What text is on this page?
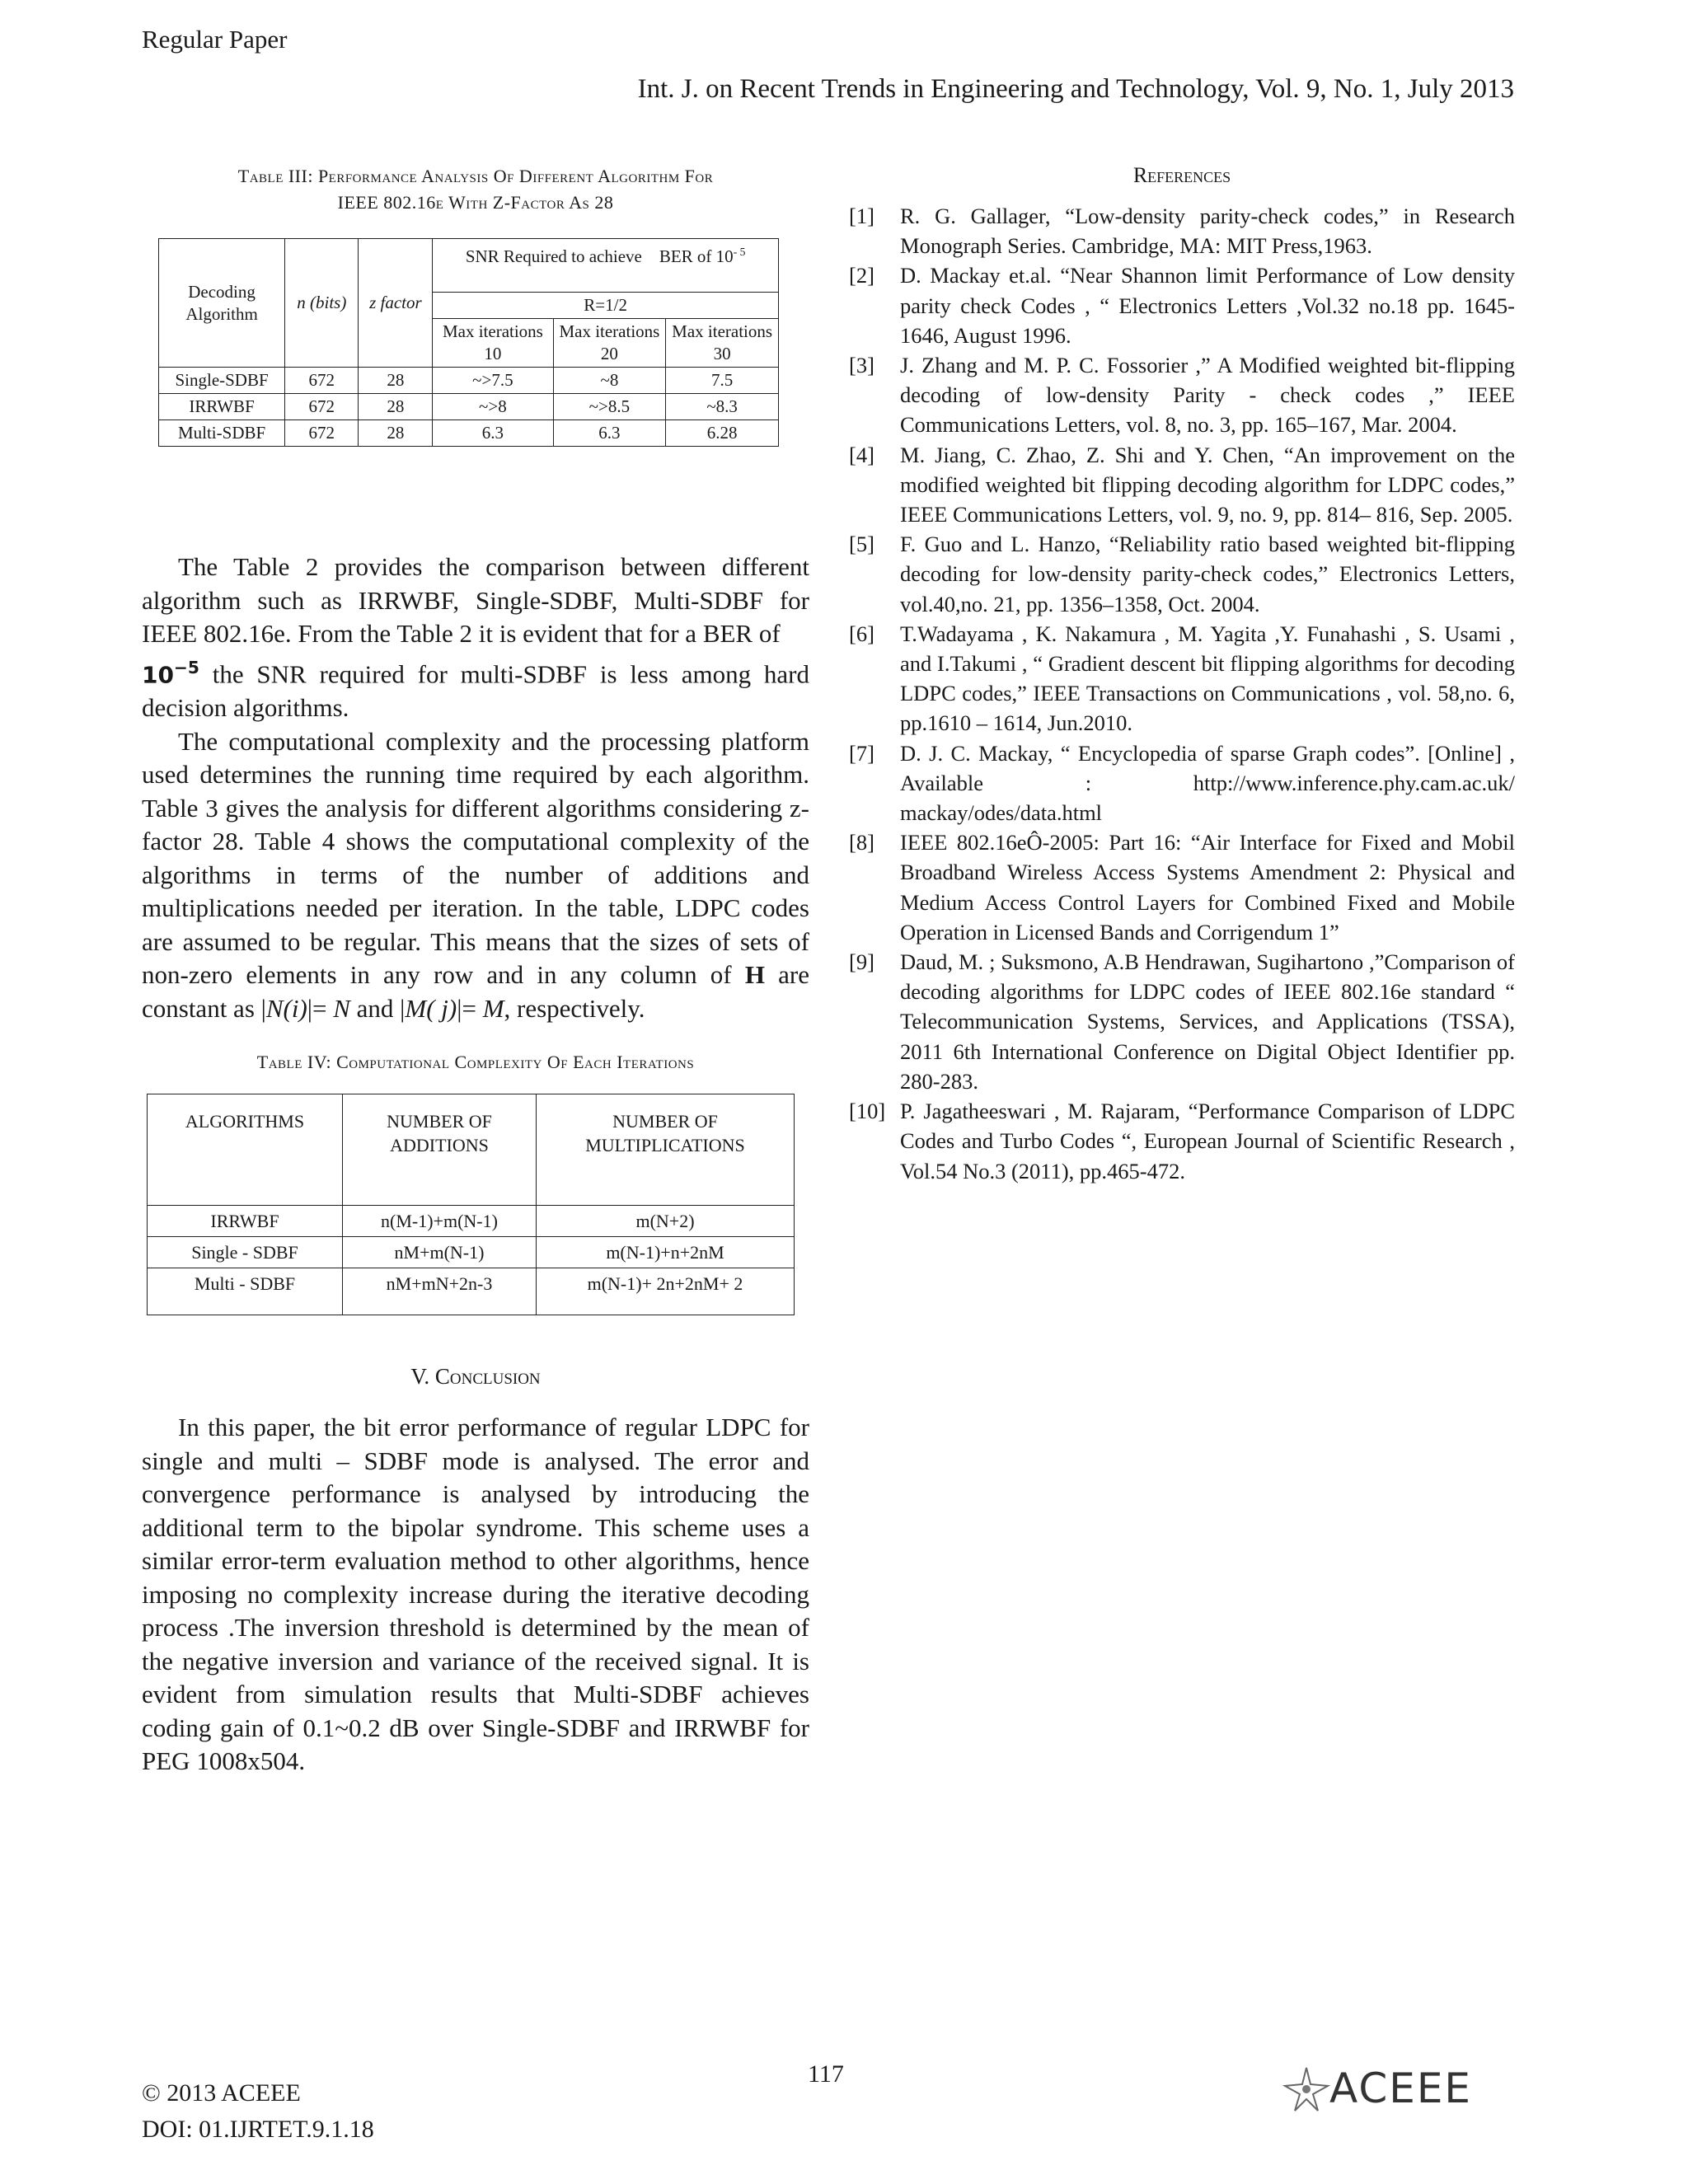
Regular Paper
Int. J. on Recent Trends in Engineering and Technology, Vol. 9, No. 1, July 2013
Table III: Performance Analysis Of Different Algorithm For
IEEE 802.16e With Z-Factor As 28
Decoding Algorithm	n (bits)	z factor	SNR Required to achieve    BER of $10^{- 5}$
			R=1/2		
			Max iterations 10	Max iterations 20	Max iterations 30
Single-SDBF	672	28	~>7.5	~8	7.5
IRRWBF	672	28	~>8	~>8.5	~8.3
Multi-SDBF	672	28	6.3	6.3	6.28

The Table 2 provides the comparison between different algorithm such as IRRWBF, Single-SDBF, Multi-SDBF for IEEE 802.16e. From the Table 2 it is evident that for a BER of
$10^{-5}$ the SNR required for multi-SDBF is less among hard decision algorithms.

The computational complexity and the processing platform used determines the running time required by each algorithm. Table 3 gives the analysis for different algorithms considering z-factor 28. Table 4 shows the computational complexity of the algorithms in terms of the number of additions and multiplications needed per iteration. In the table, LDPC codes are assumed to be regular. This means that the sizes of sets of non-zero elements in any row and in any column of H are constant as |N(i)|= N and |M( j)|= M, respectively.

Table IV: Computational Complexity Of Each Iterations
ALGORITHMS	NUMBER OF ADDITIONS	NUMBER OF MULTIPLICATIONS
IRRWBF	n(M-1)+m(N-1)	m(N+2)
Single - SDBF	nM+m(N-1)	m(N-1)+n+2nM
Multi - SDBF	nM+mN+2n-3	m(N-1)+ 2n+2nM+ 2
V. Conclusion

In this paper, the bit error performance of regular LDPC for single and multi – SDBF mode is analysed. The error and convergence performance is analysed by introducing the additional term to the bipolar syndrome. This scheme uses a similar error-term evaluation method to other algorithms, hence imposing no complexity increase during the iterative decoding process .The inversion threshold is determined by the mean of the negative inversion and variance of the received signal. It is evident from simulation results that Multi-SDBF achieves coding gain of 0.1~0.2 dB over Single-SDBF and IRRWBF for PEG 1008x504.

References
[1]	R. G. Gallager, “Low-density parity-check codes,” in Research Monograph Series. Cambridge, MA: MIT Press,1963.
[2]	D. Mackay et.al. “Near Shannon limit Performance of Low density parity check Codes , “ Electronics Letters ,Vol.32 no.18 pp. 1645-1646, August 1996.
[3]	J. Zhang and M. P. C. Fossorier ,” A Modified weighted bit-flipping decoding of low-density Parity - check codes ,” IEEE Communications Letters, vol. 8, no. 3, pp. 165–167, Mar. 2004.
[4]	M. Jiang, C. Zhao, Z. Shi and Y. Chen, “An improvement on the modified weighted bit flipping decoding algorithm for LDPC codes,” IEEE Communications Letters, vol. 9, no. 9, pp. 814– 816, Sep. 2005.
[5]	F. Guo and L. Hanzo, “Reliability ratio based weighted bit-flipping decoding for low-density parity-check codes,” Electronics Letters, vol.40,no. 21, pp. 1356–1358, Oct. 2004.
[6]	T.Wadayama , K. Nakamura , M. Yagita ,Y. Funahashi , S. Usami , and I.Takumi , “ Gradient descent bit flipping algorithms for decoding LDPC codes,” IEEE Transactions on Communications , vol. 58,no. 6, pp.1610 – 1614, Jun.2010.
[7]	D. J. C. Mackay, “ Encyclopedia of sparse Graph codes”. [Online] , Available : http://www.inference.phy.cam.ac.uk/ mackay/odes/data.html
[8]	IEEE 802.16eÔ-2005: Part 16: “Air Interface for Fixed and Mobil Broadband Wireless Access Systems Amendment 2: Physical and Medium Access Control Layers for Combined Fixed and Mobile Operation in Licensed Bands and Corrigendum 1”
[9]	Daud, M. ; Suksmono, A.B Hendrawan, Sugihartono ,”Comparison of decoding algorithms for LDPC codes of IEEE 802.16e standard “ Telecommunication Systems, Services, and Applications (TSSA), 2011 6th International Conference on Digital Object Identifier pp. 280-283.
[10] P. Jagatheeswari , M. Rajaram, “Performance Comparison of LDPC Codes and Turbo Codes “, European Journal of Scientific Research , Vol.54 No.3 (2011), pp.465-472.
117
© 2013 ACEEE
DOI: 01.IJRTET.9.1.18
ACEEE
